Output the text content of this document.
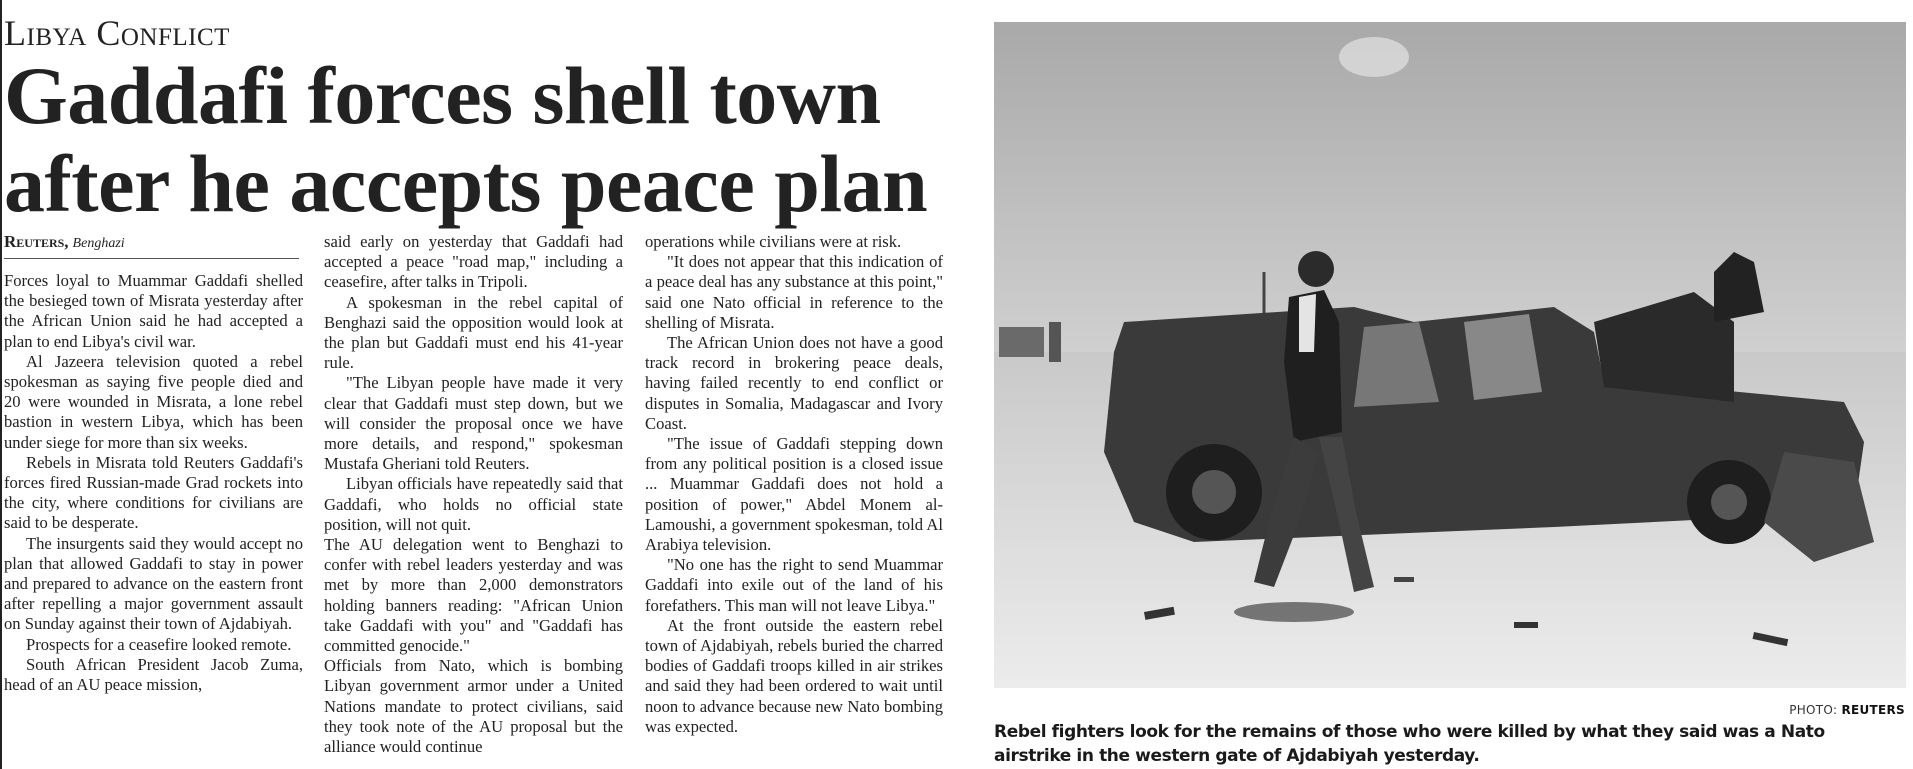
Libya Conflict
Gaddafi forces shell town after he accepts peace plan
Reuters, Benghazi

Forces loyal to Muammar Gaddafi shelled the besieged town of Misrata yesterday after the African Union said he had accepted a plan to end Libya's civil war.

Al Jazeera television quoted a rebel spokesman as saying five people died and 20 were wounded in Misrata, a lone rebel bastion in western Libya, which has been under siege for more than six weeks.

Rebels in Misrata told Reuters Gaddafi's forces fired Russian-made Grad rockets into the city, where conditions for civilians are said to be desperate.

The insurgents said they would accept no plan that allowed Gaddafi to stay in power and prepared to advance on the eastern front after repelling a major government assault on Sunday against their town of Ajdabiyah.

Prospects for a ceasefire looked remote.

South African President Jacob Zuma, head of an AU peace mission,

said early on yesterday that Gaddafi had accepted a peace "road map," including a ceasefire, after talks in Tripoli.

A spokesman in the rebel capital of Benghazi said the opposition would look at the plan but Gaddafi must end his 41-year rule.

"The Libyan people have made it very clear that Gaddafi must step down, but we will consider the proposal once we have more details, and respond," spokesman Mustafa Gheriani told Reuters.

Libyan officials have repeatedly said that Gaddafi, who holds no official state position, will not quit.

The AU delegation went to Benghazi to confer with rebel leaders yesterday and was met by more than 2,000 demonstrators holding banners reading: "African Union take Gaddafi with you" and "Gaddafi has committed genocide."

Officials from Nato, which is bombing Libyan government armor under a United Nations mandate to protect civilians, said they took note of the AU proposal but the alliance would continue

operations while civilians were at risk.

"It does not appear that this indication of a peace deal has any substance at this point," said one Nato official in reference to the shelling of Misrata.

The African Union does not have a good track record in brokering peace deals, having failed recently to end conflict or disputes in Somalia, Madagascar and Ivory Coast.

"The issue of Gaddafi stepping down from any political position is a closed issue ... Muammar Gaddafi does not hold a position of power," Abdel Monem al-Lamoushi, a government spokesman, told Al Arabiya television.

"No one has the right to send Muammar Gaddafi into exile out of the land of his forefathers. This man will not leave Libya."

At the front outside the eastern rebel town of Ajdabiyah, rebels buried the charred bodies of Gaddafi troops killed in air strikes and said they had been ordered to wait until noon to advance because new Nato bombing was expected.

PHOTO: REUTERS
Rebel fighters look for the remains of those who were killed by what they said was a Nato airstrike in the western gate of Ajdabiyah yesterday.
